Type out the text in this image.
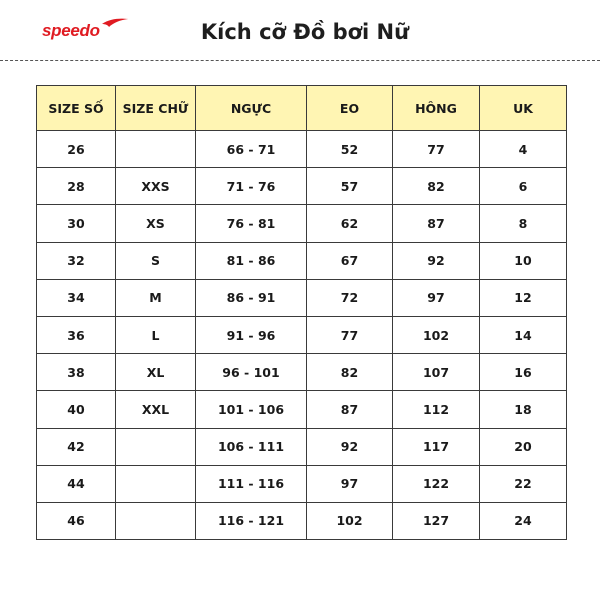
speedo	Kích cỡ Đồ bơi Nữ
SIZE SỐ	SIZE CHỮ	NGỰC	EO	HÔNG	UK
26		66 - 71	52	77	4
28	XXS	71 - 76	57	82	6
30	XS	76 - 81	62	87	8
32	S	81 - 86	67	92	10
34	M	86 - 91	72	97	12
36	L	91 - 96	77	102	14
38	XL	96 - 101	82	107	16
40	XXL	101 - 106	87	112	18
42		106 - 111	92	117	20
44		111 - 116	97	122	22
46		116 - 121	102	127	24
